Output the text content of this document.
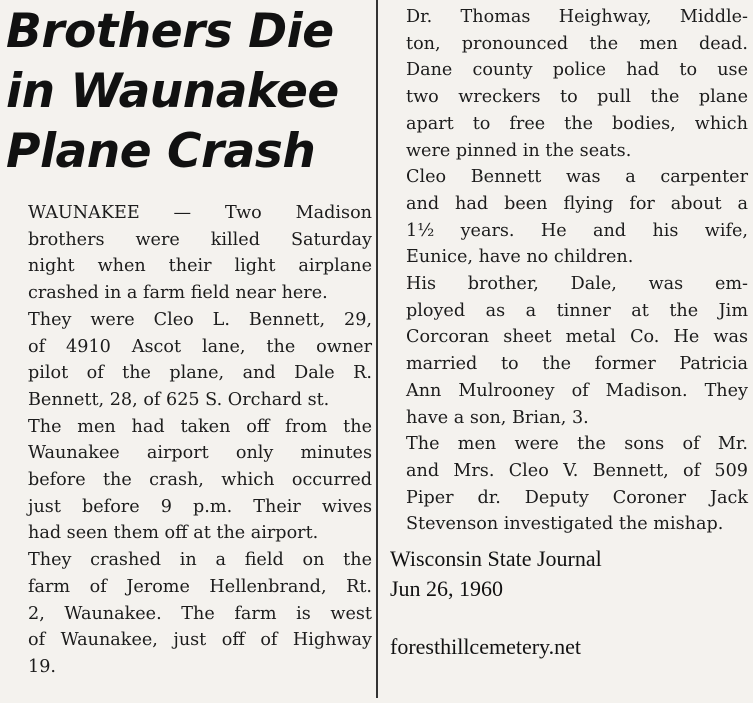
Brothers Die
in Waunakee
Plane Crash

WAUNAKEE — Two Madison
brothers were killed Saturday
night when their light airplane
crashed in a farm field near here.

They were Cleo L. Bennett, 29,
of 4910 Ascot lane, the owner
pilot of the plane, and Dale R.
Bennett, 28, of 625 S. Orchard st.

The men had taken off from the
Waunakee airport only minutes
before the crash, which occurred
just before 9 p.m. Their wives
had seen them off at the airport.

They crashed in a field on the
farm of Jerome Hellenbrand, Rt.
2, Waunakee. The farm is west
of Waunakee, just off of Highway
19.

Dr. Thomas Heighway, Middle-
ton, pronounced the men dead.
Dane county police had to use
two wreckers to pull the plane
apart to free the bodies, which
were pinned in the seats.

Cleo Bennett was a carpenter
and had been flying for about a
1½ years. He and his wife,
Eunice, have no children.

His brother, Dale, was em-
ployed as a tinner at the Jim
Corcoran sheet metal Co. He was
married to the former Patricia
Ann Mulrooney of Madison. They
have a son, Brian, 3.

The men were the sons of Mr.
and Mrs. Cleo V. Bennett, of 509
Piper dr. Deputy Coroner Jack
Stevenson investigated the mishap.

Wisconsin State Journal
Jun 26, 1960
foresthillcemetery.net
